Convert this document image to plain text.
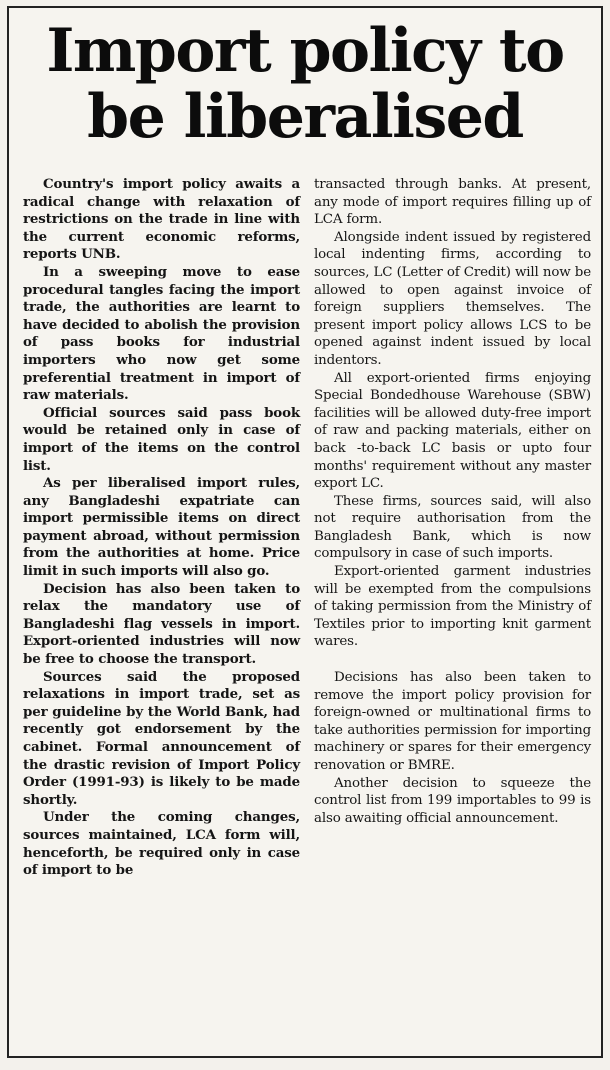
Import policy to
be liberalised

Country's import policy awaits a radical change with relaxation of restrictions on the trade in line with the current economic reforms, reports UNB.

In a sweeping move to ease procedural tangles facing the import trade, the authorities are learnt to have decided to abolish the provision of pass books for industrial importers who now get some preferential treatment in import of raw materials.

Official sources said pass book would be retained only in case of import of the items on the control list.

As per liberalised import rules, any Bangladeshi expatriate can import permissible items on direct payment abroad, without permission from the authorities at home. Price limit in such imports will also go.

Decision has also been taken to relax the mandatory use of Bangladeshi flag vessels in import. Export-oriented industries will now be free to choose the transport.

Sources said the proposed relaxations in import trade, set as per guideline by the World Bank, had recently got endorsement by the cabinet. Formal announcement of the drastic revision of Import Policy Order (1991-93) is likely to be made shortly.

Under the coming changes, sources maintained, LCA form will, henceforth, be required only in case of import to be

transacted through banks. At present, any mode of import requires filling up of LCA form.

Alongside indent issued by registered local indenting firms, according to sources, LC (Letter of Credit) will now be allowed to open against invoice of foreign suppliers themselves. The present import policy allows LCS to be opened against indent issued by local indentors.

All export-oriented firms enjoying Special Bondedhouse Warehouse (SBW) facilities will be allowed duty-free import of raw and packing materials, either on back -to-back LC basis or upto four months' requirement without any master export LC.

These firms, sources said, will also not require authorisation from the Bangladesh Bank, which is now compulsory in case of such imports.

Export-oriented garment industries will be exempted from the compulsions of taking permission from the Ministry of Textiles prior to importing knit garment wares.

Decisions has also been taken to remove the import policy provision for foreign-owned or multinational firms to take authorities permission for importing machinery or spares for their emergency renovation or BMRE.

Another decision to squeeze the control list from 199 importables to 99 is also awaiting official announcement.
